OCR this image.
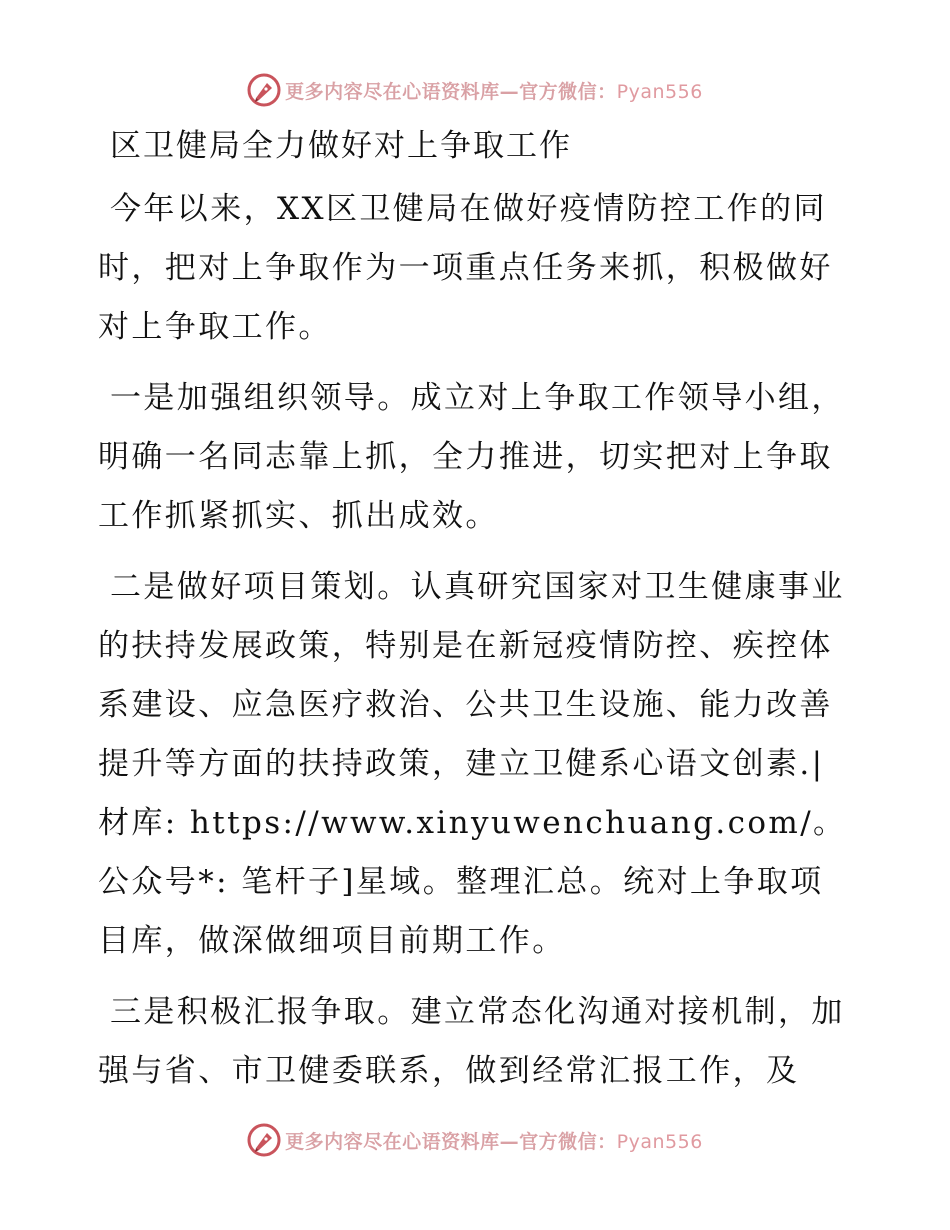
更多内容尽在心语资料库—官方微信：Pyan556
区卫健局全力做好对上争取工作

今年以来，XX区卫健局在做好疫情防控工作的同时，把对上争取作为一项重点任务来抓，积极做好对上争取工作。

一是加强组织领导。成立对上争取工作领导小组，明确一名同志靠上抓，全力推进，切实把对上争取工作抓紧抓实、抓出成效。

二是做好项目策划。认真研究国家对卫生健康事业的扶持发展政策，特别是在新冠疫情防控、疾控体系建设、应急医疗救治、公共卫生设施、能力改善提升等方面的扶持政策，建立卫健系心语文创素.|材库: https://www.xinyuwenchuang.com/。公众号*: 笔杆子]星域。整理汇总。统对上争取项目库，做深做细项目前期工作。

三是积极汇报争取。建立常态化沟通对接机制，加强与省、市卫健委联系，做到经常汇报工作，及

更多内容尽在心语资料库—官方微信：Pyan556
